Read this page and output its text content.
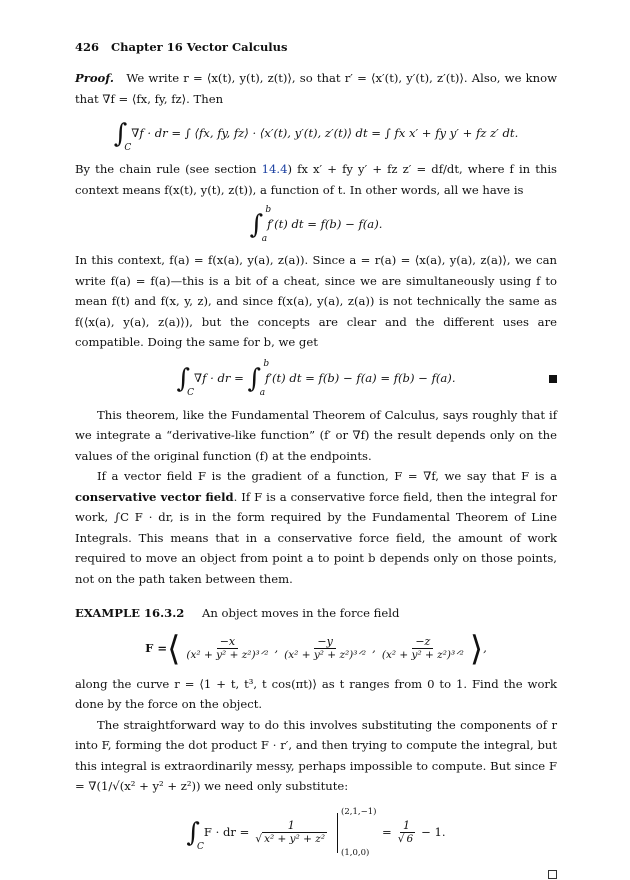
426 Chapter 16 Vector Calculus

Proof. We write r = ⟨x(t), y(t), z(t)⟩, so that r′ = ⟨x′(t), y′(t), z′(t)⟩. Also, we know that ∇f = ⟨fx, fy, fz⟩. Then

∫
C
∇f · dr = ∫ ⟨fx, fy, fz⟩ · ⟨x′(t), y′(t), z′(t)⟩ dt = ∫ fx x′ + fy y′ + fz z′ dt.

By the chain rule (see section 14.4) fx x′ + fy y′ + fz z′ = df/dt, where f in this context means f(x(t), y(t), z(t)), a function of t. In other words, all we have is

∫ b
a
f′(t) dt = f(b) − f(a).

In this context, f(a) = f(x(a), y(a), z(a)). Since a = r(a) = ⟨x(a), y(a), z(a)⟩, we can write f(a) = f(a)—this is a bit of a cheat, since we are simultaneously using f to mean f(t) and f(x, y, z), and since f(x(a), y(a), z(a)) is not technically the same as f(⟨x(a), y(a), z(a)⟩), but the concepts are clear and the different uses are compatible. Doing the same for b, we get

∫
C
∇f · dr =
∫ b
a
f′(t) dt = f(b) − f(a) = f(b) − f(a).

This theorem, like the Fundamental Theorem of Calculus, says roughly that if we integrate a “derivative-like function” (f′ or ∇f) the result depends only on the values of the original function (f) at the endpoints.

If a vector field F is the gradient of a function, F = ∇f, we say that F is a conservative vector field. If F is a conservative force field, then the integral for work, ∫C F · dr, is in the form required by the Fundamental Theorem of Line Integrals. This means that in a conservative force field, the amount of work required to move an object from point a to point b depends only on those points, not on the path taken between them.

EXAMPLE 16.3.2 An object moves in the force field

F = ⟨ $\frac{-x}{\text{(x² + y² + z²)³ᐟ²}}$ , $\frac{-y}{\text{(x² + y² + z²)³ᐟ²}}$ , $\frac{-z}{\text{(x² + y² + z²)³ᐟ²}}$ ⟩ ,

along the curve r = ⟨1 + t, t³, t cos(πt)⟩ as t ranges from 0 to 1. Find the work done by the force on the object.

The straightforward way to do this involves substituting the components of r into F, forming the dot product F · r′, and then trying to compute the integral, but this integral is extraordinarily messy, perhaps impossible to compute. But since F = ∇(1/√(x² + y² + z²)) we need only substitute:

∫
C
F · dr = $\frac{1}{\text{√ x² + y² + z²}}$
(2,1,−1)
(1,0,0)
= $\frac{1}{√ 6} - 1$.
